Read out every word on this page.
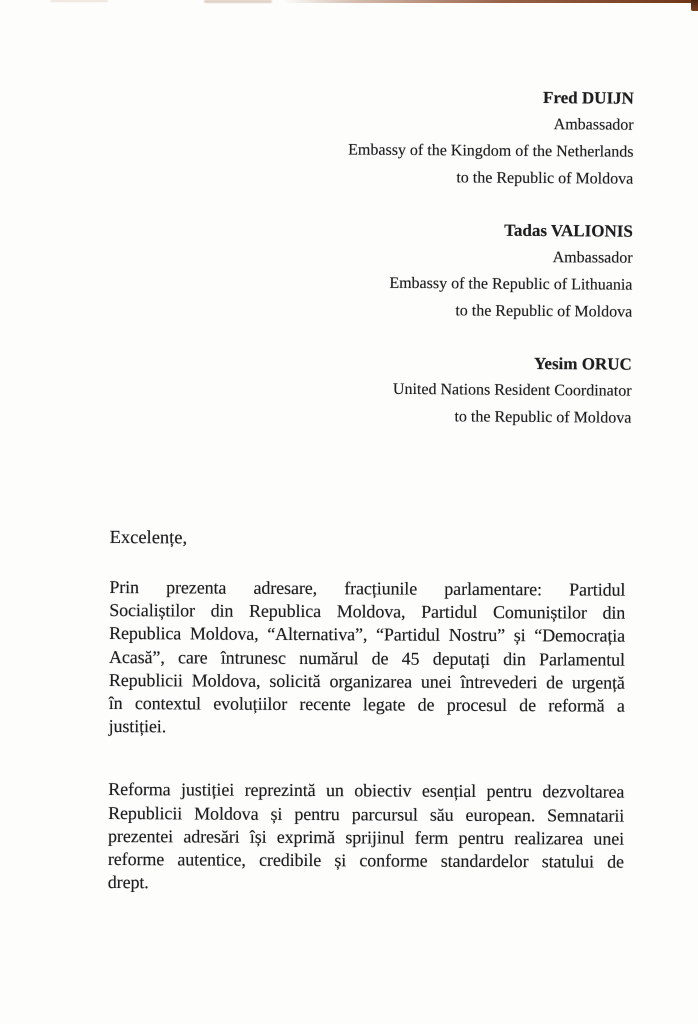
Fred DUIJN
Ambassador
Embassy of the Kingdom of the Netherlands
to the Republic of Moldova
Tadas VALIONIS
Ambassador
Embassy of the Republic of Lithuania
to the Republic of Moldova
Yesim ORUC
United Nations Resident Coordinator
to the Republic of Moldova
Excelențe,
Prin prezenta adresare, fracțiunile parlamentare: Partidul
Socialiștilor din Republica Moldova, Partidul Comuniștilor din
Republica Moldova, “Alternativa”, “Partidul Nostru” și “Democrația
Acasă”, care întrunesc numărul de 45 deputați din Parlamentul
Republicii Moldova, solicită organizarea unei întrevederi de urgență
în contextul evoluțiilor recente legate de procesul de reformă a
justiției.
Reforma justiției reprezintă un obiectiv esențial pentru dezvoltarea
Republicii Moldova și pentru parcursul său european. Semnatarii
prezentei adresări își exprimă sprijinul ferm pentru realizarea unei
reforme autentice, credibile și conforme standardelor statului de
drept.
